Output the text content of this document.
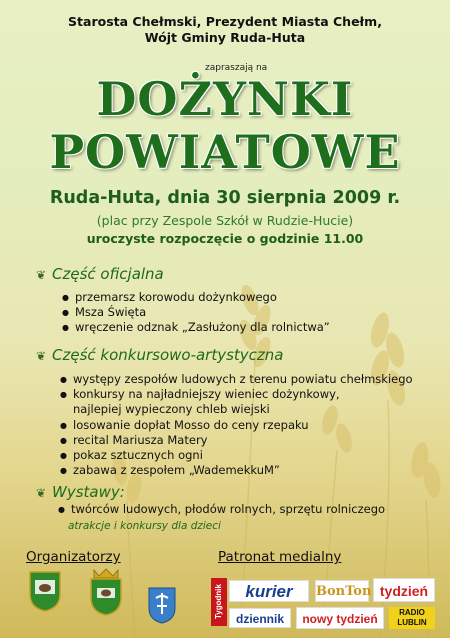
Starosta Chełmski, Prezydent Miasta Chełm,
Wójt Gminy Ruda-Huta
zapraszają na
DOŻYNKI
POWIATOWE
Ruda-Huta, dnia 30 sierpnia 2009 r.
(plac przy Zespole Szkół w Rudzie-Hucie)
uroczyste rozpoczęcie o godzinie 11.00
❦ Część oficjalna
● przemarsz korowodu dożynkowego
● Msza Święta
● wręczenie odznak „Zasłużony dla rolnictwa”
❦ Część konkursowo-artystyczna
● występy zespołów ludowych z terenu powiatu chełmskiego
● konkursy na najładniejszy wieniec dożynkowy,
najlepiej wypieczony chleb wiejski
● losowanie dopłat Mosso do ceny rzepaku
● recital Mariusza Matery
● pokaz sztucznych ogni
● zabawa z zespołem „WademekkuM”
❦ Wystawy:
● twórców ludowych, płodów rolnych, sprzętu rolniczego
atrakcje i konkursy dla dzieci
Organizatorzy	Patronat medialny
Tygodnik	kurier	BonTon tydzień
dziennik	nowy tydzień	RADIO
LUBLIN
